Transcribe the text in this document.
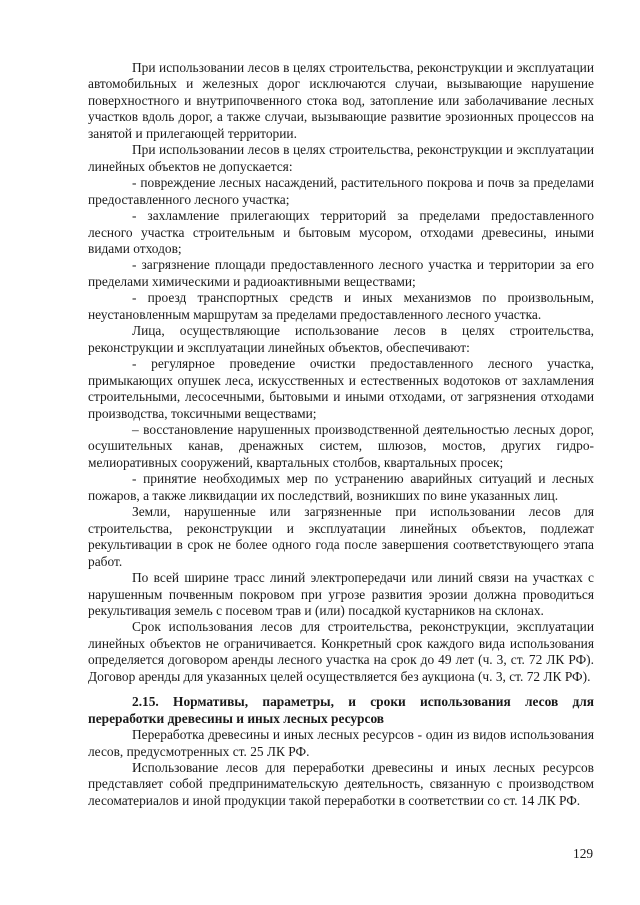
При использовании лесов в целях строительства, реконструкции и эксплуатации автомобильных и железных дорог исключаются случаи, вызывающие нарушение поверхностного и внутрипочвенного стока вод, затопление или заболачивание лесных участков вдоль дорог, а также случаи, вызывающие развитие эрозионных процессов на занятой и прилегающей территории.

При использовании лесов в целях строительства, реконструкции и эксплуатации линейных объектов не допускается:

- повреждение лесных насаждений, растительного покрова и почв за пределами предоставленного лесного участка;

- захламление прилегающих территорий за пределами предоставленного лесного участка строительным и бытовым мусором, отходами древесины, иными видами отходов;

- загрязнение площади предоставленного лесного участка и территории за его пределами химическими и радиоактивными веществами;

- проезд транспортных средств и иных механизмов по произвольным, неустановленным маршрутам за пределами предоставленного лесного участка.

Лица, осуществляющие использование лесов в целях строительства, реконструкции и эксплуатации линейных объектов, обеспечивают:

- регулярное проведение очистки предоставленного лесного участка, примыкающих опушек леса, искусственных и естественных водотоков от захламления строительными, лесосечными, бытовыми и иными отходами, от загрязнения отходами производства, токсичными веществами;

– восстановление нарушенных производственной деятельностью лесных дорог, осушительных канав, дренажных систем, шлюзов, мостов, других гидро-мелиоративных сооружений, квартальных столбов, квартальных просек;

- принятие необходимых мер по устранению аварийных ситуаций и лесных пожаров, а также ликвидации их последствий, возникших по вине указанных лиц.

Земли, нарушенные или загрязненные при использовании лесов для строительства, реконструкции и эксплуатации линейных объектов, подлежат рекультивации в срок не более одного года после завершения соответствующего этапа работ.

По всей ширине трасс линий электропередачи или линий связи на участках с нарушенным почвенным покровом при угрозе развития эрозии должна проводиться рекультивация земель с посевом трав и (или) посадкой кустарников на склонах.

Срок использования лесов для строительства, реконструкции, эксплуатации линейных объектов не ограничивается. Конкретный срок каждого вида использования определяется договором аренды лесного участка на срок до 49 лет (ч. 3, ст. 72 ЛК РФ). Договор аренды для указанных целей осуществляется без аукциона (ч. 3, ст. 72 ЛК РФ).

2.15. Нормативы, параметры, и сроки использования лесов для переработки древесины и иных лесных ресурсов

Переработка древесины и иных лесных ресурсов - один из видов использования лесов, предусмотренных ст. 25 ЛК РФ.

Использование лесов для переработки древесины и иных лесных ресурсов представляет собой предпринимательскую деятельность, связанную с производством лесоматериалов и иной продукции такой переработки в соответствии со ст. 14 ЛК РФ.

129
